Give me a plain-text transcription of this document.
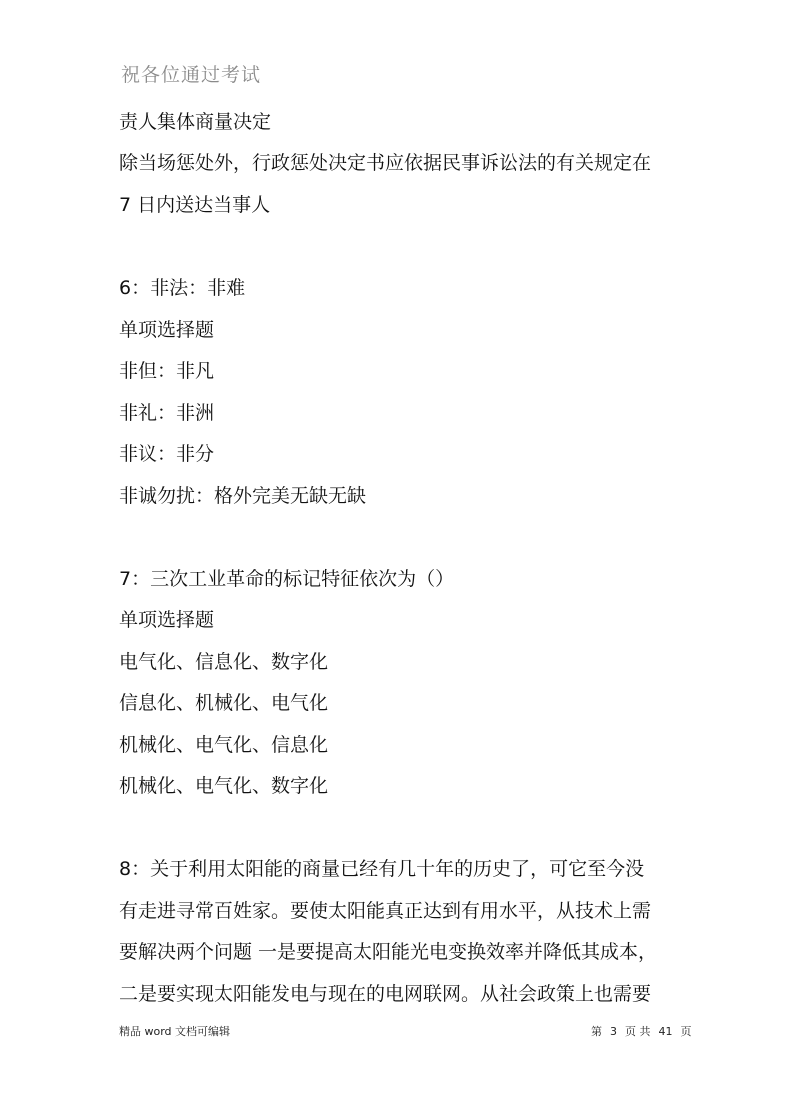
祝各位通过考试
责人集体商量决定
除当场惩处外，行政惩处决定书应依据民事诉讼法的有关规定在
7 日内送达当事人
6：非法：非难
单项选择题
非但：非凡
非礼：非洲
非议：非分
非诚勿扰：格外完美无缺无缺
7：三次工业革命的标记特征依次为（）
单项选择题
电气化、信息化、数字化
信息化、机械化、电气化
机械化、电气化、信息化
机械化、电气化、数字化
8：关于利用太阳能的商量已经有几十年的历史了，可它至今没
有走进寻常百姓家。要使太阳能真正达到有用水平，从技术上需
要解决两个问题 一是要提高太阳能光电变换效率并降低其成本，
二是要实现太阳能发电与现在的电网联网。从社会政策上也需要
精品 word 文档可编辑	第 3 页 共 41 页
